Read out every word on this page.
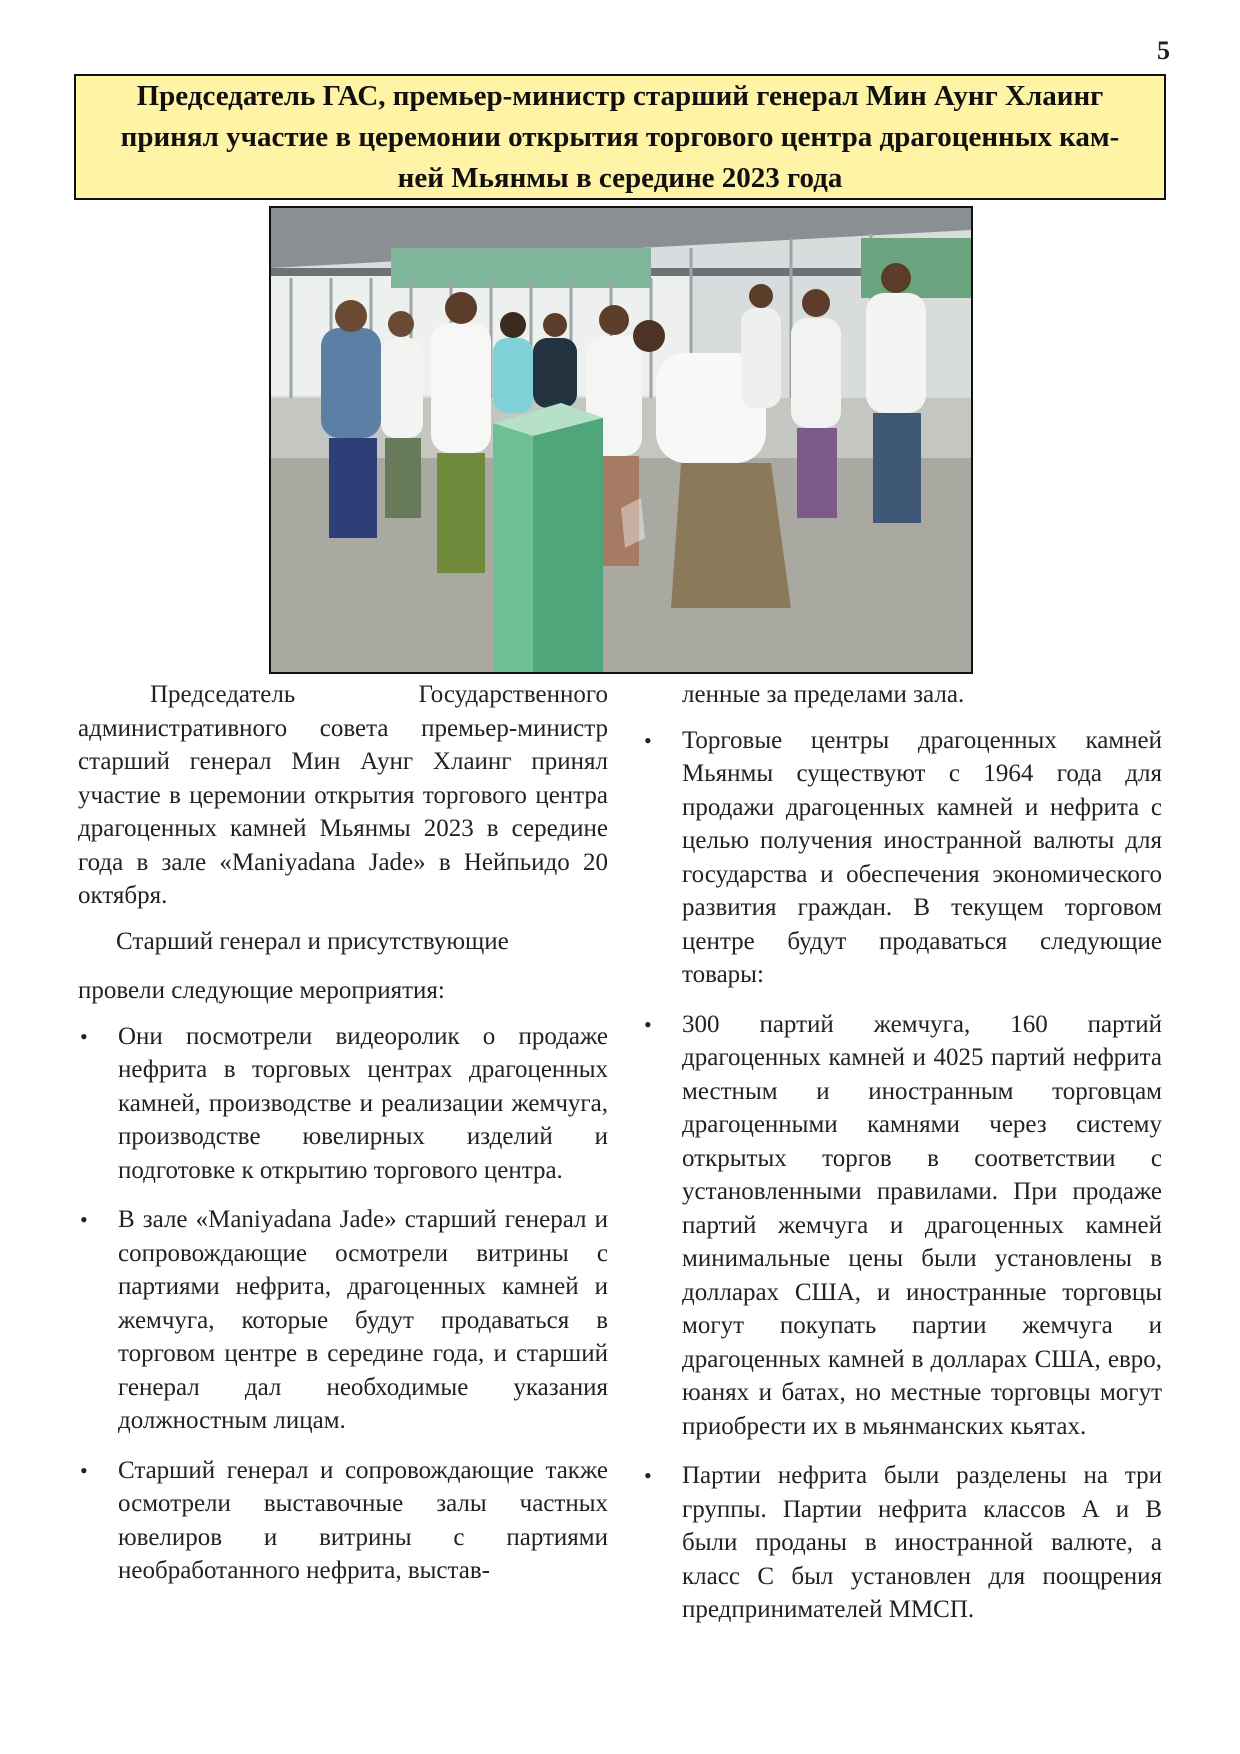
5
Председатель ГАС, премьер-министр старший генерал Мин Аунг Хлаинг
принял участие в церемонии открытия торгового центра драгоценных кам-
ней Мьянмы в середине 2023 года

Председатель Государственного административного совета премьер-министр старший генерал Мин Аунг Хлаинг принял участие в церемонии открытия торгового центра драгоценных камней Мьянмы 2023 в середине года в зале «Maniyadana Jade» в Нейпьидо 20 октября.

Старший генерал и присутствующие

провели следующие мероприятия:

• Они посмотрели видеоролик о продаже нефрита в торговых центрах драгоценных камней, производстве и реализации жемчуга, производстве ювелирных изделий и подготовке к открытию торгового центра.
• В зале «Maniyadana Jade» старший генерал и сопровождающие осмотрели витрины с партиями нефрита, драгоценных камней и жемчуга, которые будут продаваться в торговом центре в середине года, и старший генерал дал необходимые указания должностным лицам.
• Старший генерал и сопровождающие также осмотрели выставочные залы частных ювелиров и витрины с партиями необработанного нефрита, выстав-

ленные за пределами зала.

• Торговые центры драгоценных камней Мьянмы существуют с 1964 года для продажи драгоценных камней и нефрита с целью получения иностранной валюты для государства и обеспечения экономического развития граждан. В текущем торговом центре будут продаваться следующие товары:
• 300 партий жемчуга, 160 партий драгоценных камней и 4025 партий нефрита местным и иностранным торговцам драгоценными камнями через систему открытых торгов в соответствии с установленными правилами. При продаже партий жемчуга и драгоценных камней минимальные цены были установлены в долларах США, и иностранные торговцы могут покупать партии жемчуга и драгоценных камней в долларах США, евро, юанях и батах, но местные торговцы могут приобрести их в мьянманских кьятах.
• Партии нефрита были разделены на три группы. Партии нефрита классов А и В были проданы в иностранной валюте, а класс С был установлен для поощрения предпринимателей ММСП.
